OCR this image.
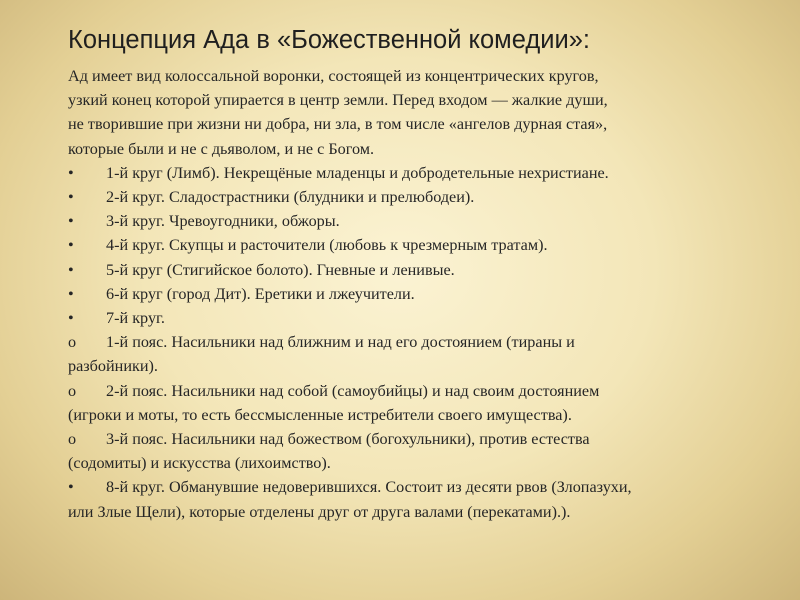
Концепция Ада в «Божественной комедии»:
Ад имеет вид колоссальной воронки, состоящей из концентрических кругов,
узкий конец которой упирается в центр земли. Перед входом — жалкие души,
не творившие при жизни ни добра, ни зла, в том числе «ангелов дурная стая»,
которые были и не с дьяволом, и не с Богом.
•	1-й круг (Лимб). Некрещёные младенцы и добродетельные нехристиане.
•	2-й круг. Сладострастники (блудники и прелюбодеи).
•	3-й круг. Чревоугодники, обжоры.
•	4-й круг. Скупцы и расточители (любовь к чрезмерным тратам).
•	5-й круг (Стигийское болото). Гневные и ленивые.
•	6-й круг (город Дит). Еретики и лжеучители.
•	7-й круг.
o	1-й пояс. Насильники над ближним и над его достоянием (тираны и
разбойники).
o	2-й пояс. Насильники над собой (самоубийцы) и над своим достоянием
(игроки и моты, то есть бессмысленные истребители своего имущества).
o	3-й пояс. Насильники над божеством (богохульники), против естества
(содомиты) и искусства (лихоимство).
•	8-й круг. Обманувшие недоверившихся. Состоит из десяти рвов (Злопазухи,
или Злые Щели), которые отделены друг от друга валами (перекатами).).
